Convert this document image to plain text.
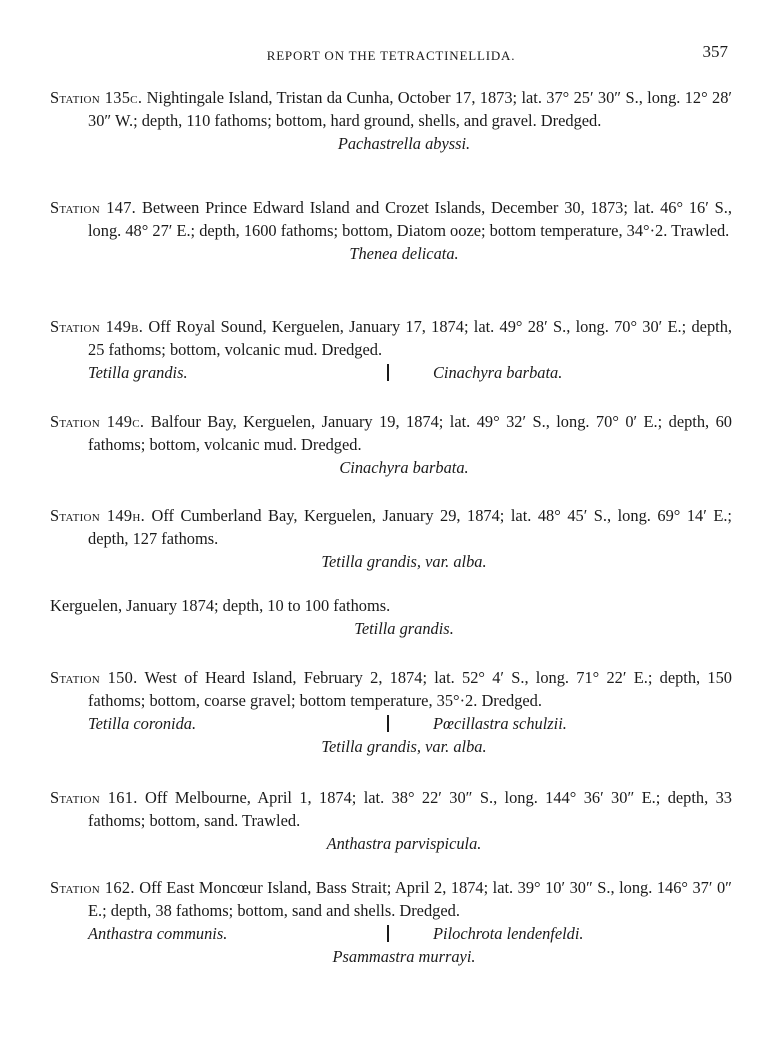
REPORT ON THE TETRACTINELLIDA.	357

Station 135c. Nightingale Island, Tristan da Cunha, October 17, 1873; lat. 37° 25′ 30″ S., long. 12° 28′ 30″ W.; depth, 110 fathoms; bottom, hard ground, shells, and gravel. Dredged.

Pachastrella abyssi.

Station 147. Between Prince Edward Island and Crozet Islands, December 30, 1873; lat. 46° 16′ S., long. 48° 27′ E.; depth, 1600 fathoms; bottom, Diatom ooze; bottom temperature, 34°·2. Trawled.

Thenea delicata.

Station 149b. Off Royal Sound, Kerguelen, January 17, 1874; lat. 49° 28′ S., long. 70° 30′ E.; depth, 25 fathoms; bottom, volcanic mud. Dredged.

Tetilla grandis.	Cinachyra barbata.

Station 149c. Balfour Bay, Kerguelen, January 19, 1874; lat. 49° 32′ S., long. 70° 0′ E.; depth, 60 fathoms; bottom, volcanic mud. Dredged.

Cinachyra barbata.

Station 149h. Off Cumberland Bay, Kerguelen, January 29, 1874; lat. 48° 45′ S., long. 69° 14′ E.; depth, 127 fathoms.

Tetilla grandis, var. alba.

Kerguelen, January 1874; depth, 10 to 100 fathoms.

Tetilla grandis.

Station 150. West of Heard Island, February 2, 1874; lat. 52° 4′ S., long. 71° 22′ E.; depth, 150 fathoms; bottom, coarse gravel; bottom temperature, 35°·2. Dredged.

Tetilla coronida.	Pœcillastra schulzii.

Tetilla grandis, var. alba.

Station 161. Off Melbourne, April 1, 1874; lat. 38° 22′ 30″ S., long. 144° 36′ 30″ E.; depth, 33 fathoms; bottom, sand. Trawled.

Anthastra parvispicula.

Station 162. Off East Moncœur Island, Bass Strait; April 2, 1874; lat. 39° 10′ 30″ S., long. 146° 37′ 0″ E.; depth, 38 fathoms; bottom, sand and shells. Dredged.

Anthastra communis.	Pilochrota lendenfeldi.

Psammastra murrayi.
